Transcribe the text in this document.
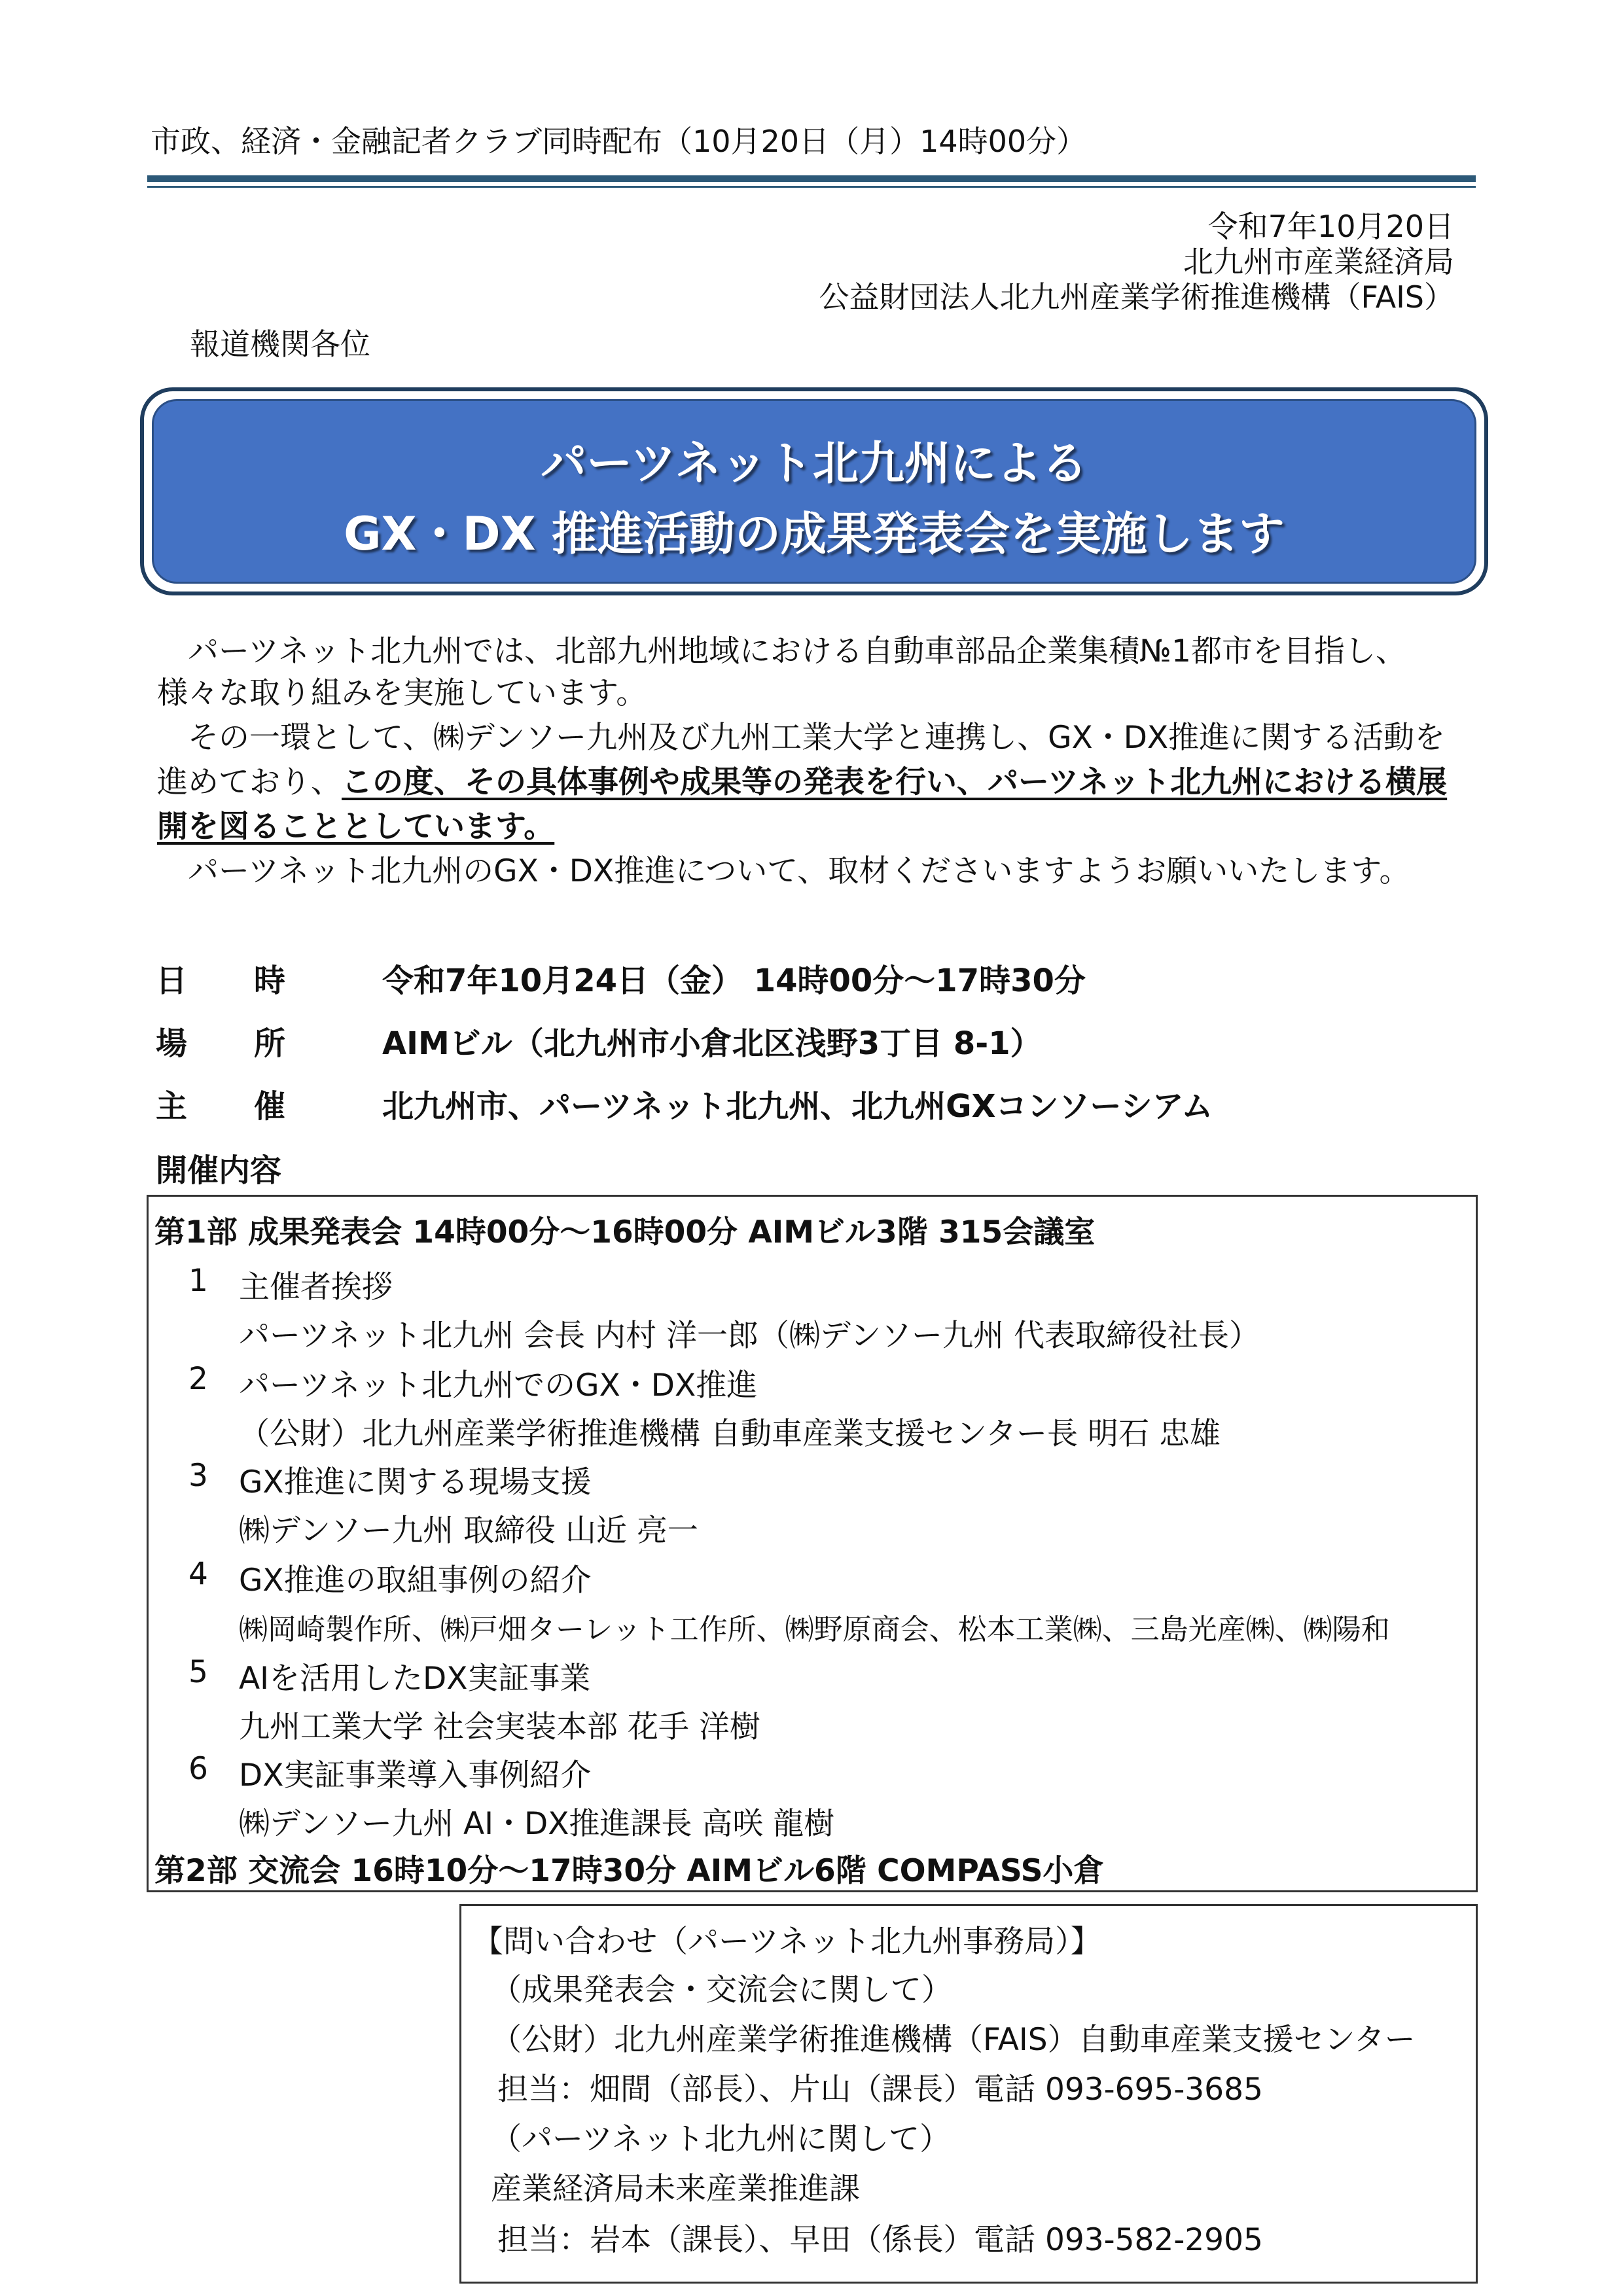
市政、経済・金融記者クラブ同時配布（10月20日（月）14時00分）
令和7年10月20日
北九州市産業経済局
公益財団法人北九州産業学術推進機構（FAIS）
報道機関各位
パーツネット北九州による
GX・DX 推進活動の成果発表会を実施します
　パーツネット北九州では、北部九州地域における自動車部品企業集積№1都市を目指し、
様々な取り組みを実施しています。
　その一環として、㈱デンソー九州及び九州工業大学と連携し、GX・DX推進に関する活動を
進めており、この度、その具体事例や成果等の発表を行い、パーツネット北九州における横展
開を図ることとしています。
　パーツネット北九州のGX・DX推進について、取材くださいますようお願いいたします。
日 時	令和7年10月24日（金） 14時00分～17時30分
場 所	AIMビル（北九州市小倉北区浅野3丁目 8-1）
主 催	北九州市、パーツネット北九州、北九州GXコンソーシアム
開催内容
第1部 成果発表会 14時00分～16時00分 AIMビル3階 315会議室
1 主催者挨拶
パーツネット北九州 会長 内村 洋一郎（㈱デンソー九州 代表取締役社長）
2 パーツネット北九州でのGX・DX推進
（公財）北九州産業学術推進機構 自動車産業支援センター長 明石 忠雄
3 GX推進に関する現場支援
㈱デンソー九州 取締役 山近 亮一
4 GX推進の取組事例の紹介
㈱岡崎製作所、㈱戸畑ターレット工作所、㈱野原商会、松本工業㈱、三島光産㈱、㈱陽和
5 AIを活用したDX実証事業
九州工業大学 社会実装本部 花手 洋樹
6 DX実証事業導入事例紹介
㈱デンソー九州 AI・DX推進課長 高咲 龍樹
第2部 交流会 16時10分～17時30分 AIMビル6階 COMPASS小倉
【問い合わせ（パーツネット北九州事務局）】
（成果発表会・交流会に関して）
（公財）北九州産業学術推進機構（FAIS）自動車産業支援センター
担当：畑間（部長）、片山（課長） 電話 093-695-3685
（パーツネット北九州に関して）
産業経済局未来産業推進課
担当：岩本（課長）、早田（係長） 電話 093-582-2905
